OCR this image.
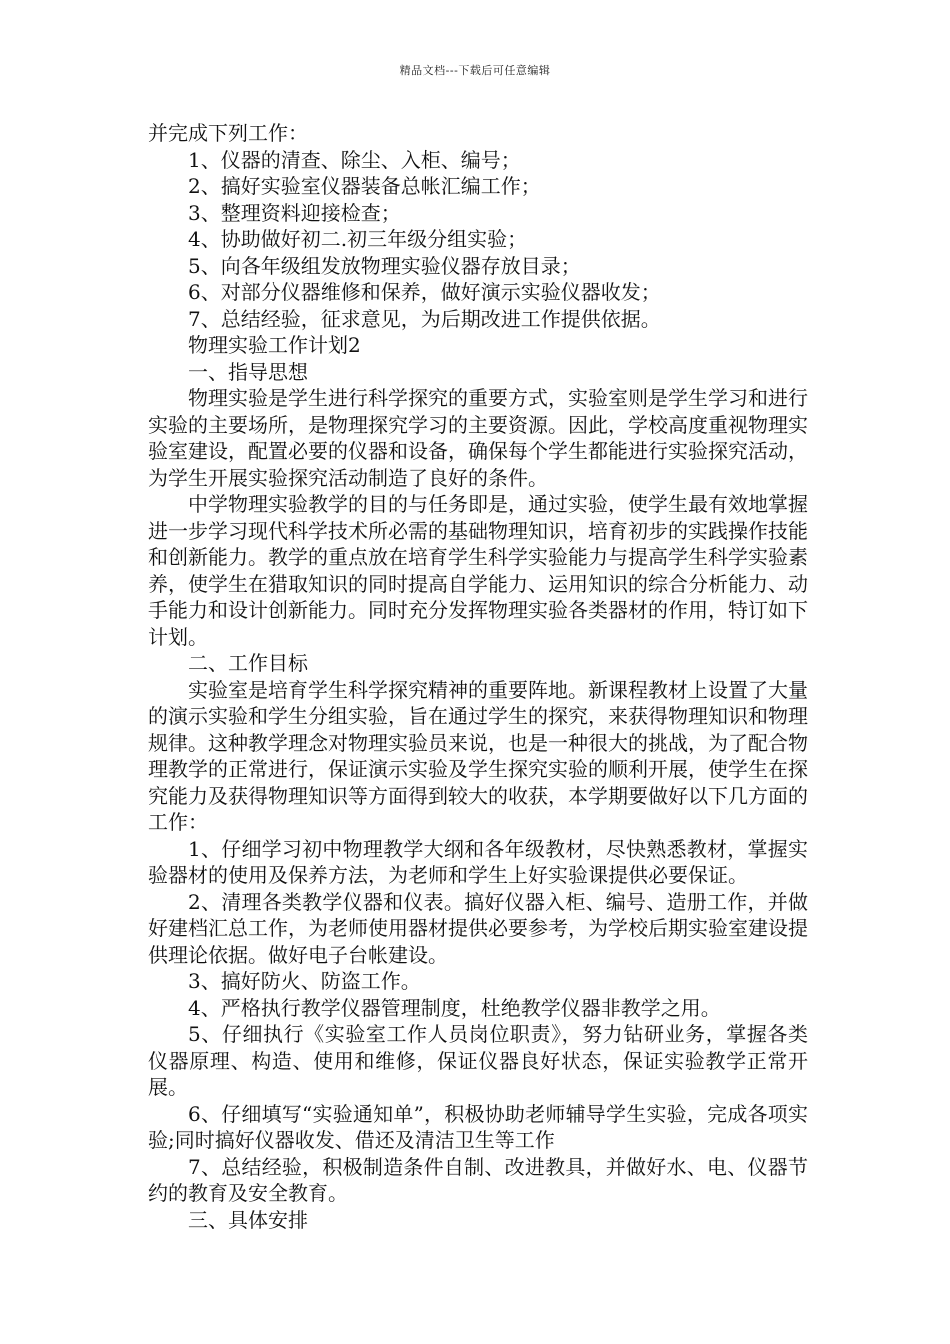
精品文档---下载后可任意编辑

并完成下列工作：

1、仪器的清查、除尘、入柜、编号；

2、搞好实验室仪器装备总帐汇编工作；

3、整理资料迎接检查；

4、协助做好初二.初三年级分组实验；

5、向各年级组发放物理实验仪器存放目录；

6、对部分仪器维修和保养，做好演示实验仪器收发；

7、总结经验，征求意见，为后期改进工作提供依据。

物理实验工作计划2

一、指导思想

物理实验是学生进行科学探究的重要方式，实验室则是学生学习和进行实验的主要场所，是物理探究学习的主要资源。因此，学校高度重视物理实验室建设，配置必要的仪器和设备，确保每个学生都能进行实验探究活动，为学生开展实验探究活动制造了良好的条件。

中学物理实验教学的目的与任务即是，通过实验，使学生最有效地掌握进一步学习现代科学技术所必需的基础物理知识，培育初步的实践操作技能和创新能力。教学的重点放在培育学生科学实验能力与提高学生科学实验素养，使学生在猎取知识的同时提高自学能力、运用知识的综合分析能力、动手能力和设计创新能力。同时充分发挥物理实验各类器材的作用，特订如下计划。

二、工作目标

实验室是培育学生科学探究精神的重要阵地。新课程教材上设置了大量的演示实验和学生分组实验，旨在通过学生的探究，来获得物理知识和物理规律。这种教学理念对物理实验员来说，也是一种很大的挑战，为了配合物理教学的正常进行，保证演示实验及学生探究实验的顺利开展，使学生在探究能力及获得物理知识等方面得到较大的收获，本学期要做好以下几方面的工作：

1、仔细学习初中物理教学大纲和各年级教材，尽快熟悉教材，掌握实验器材的使用及保养方法，为老师和学生上好实验课提供必要保证。

2、清理各类教学仪器和仪表。搞好仪器入柜、编号、造册工作，并做好建档汇总工作，为老师使用器材提供必要参考，为学校后期实验室建设提供理论依据。做好电子台帐建设。

3、搞好防火、防盗工作。

4、严格执行教学仪器管理制度，杜绝教学仪器非教学之用。

5、仔细执行《实验室工作人员岗位职责》，努力钻研业务，掌握各类仪器原理、构造、使用和维修，保证仪器良好状态，保证实验教学正常开展。

6、仔细填写“实验通知单”，积极协助老师辅导学生实验，完成各项实验;同时搞好仪器收发、借还及清洁卫生等工作

7、总结经验，积极制造条件自制、改进教具，并做好水、电、仪器节约的教育及安全教育。

三、具体安排
